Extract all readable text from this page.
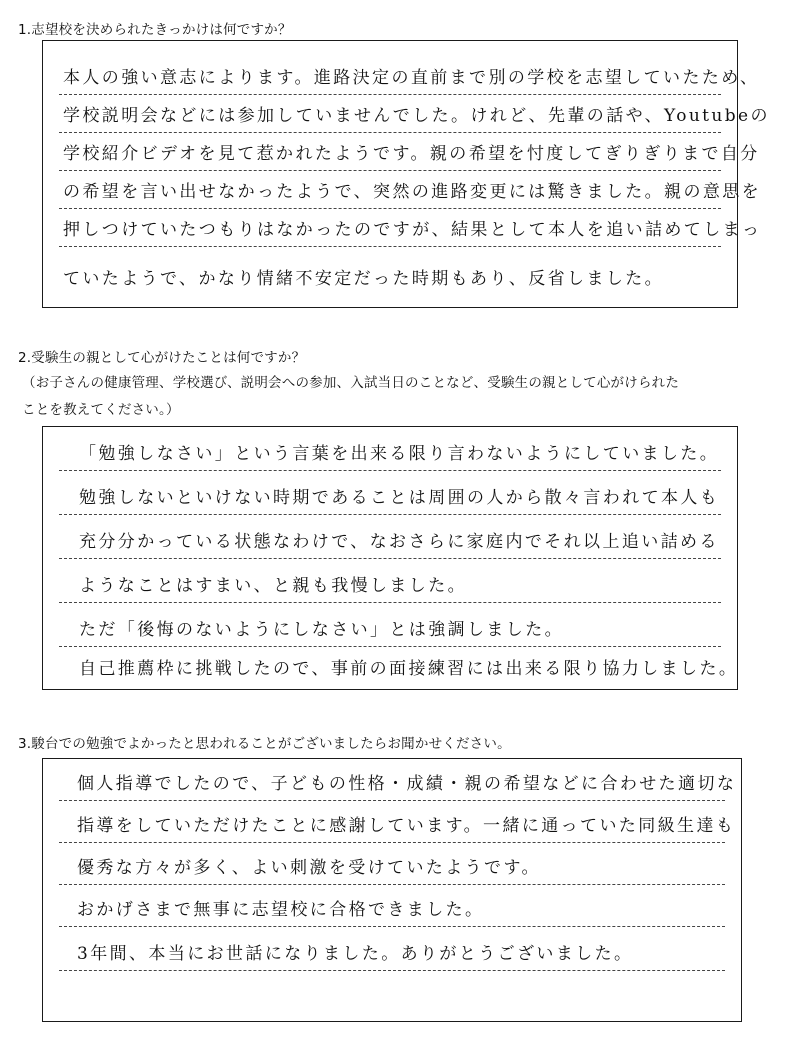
1.志望校を決められたきっかけは何ですか？
本人の強い意志によります。進路決定の直前まで別の学校を志望していたため、
学校説明会などには参加していませんでした。けれど、先輩の話や、Youtubeの
学校紹介ビデオを見て惹かれたようです。親の希望を忖度してぎりぎりまで自分
の希望を言い出せなかったようで、突然の進路変更には驚きました。親の意思を
押しつけていたつもりはなかったのですが、結果として本人を追い詰めてしまっ
ていたようで、かなり情緒不安定だった時期もあり、反省しました。
2.受験生の親として心がけたことは何ですか？
（お子さんの健康管理、学校選び、説明会への参加、入試当日のことなど、受験生の親として心がけられた
ことを教えてください。）
「勉強しなさい」という言葉を出来る限り言わないようにしていました。
勉強しないといけない時期であることは周囲の人から散々言われて本人も
充分分かっている状態なわけで、なおさらに家庭内でそれ以上追い詰める
ようなことはすまい、と親も我慢しました。
ただ「後悔のないようにしなさい」とは強調しました。
自己推薦枠に挑戦したので、事前の面接練習には出来る限り協力しました。
3.駿台での勉強でよかったと思われることがございましたらお聞かせください。
個人指導でしたので、子どもの性格・成績・親の希望などに合わせた適切な
指導をしていただけたことに感謝しています。一緒に通っていた同級生達も
優秀な方々が多く、よい刺激を受けていたようです。
おかげさまで無事に志望校に合格できました。
3年間、本当にお世話になりました。ありがとうございました。
